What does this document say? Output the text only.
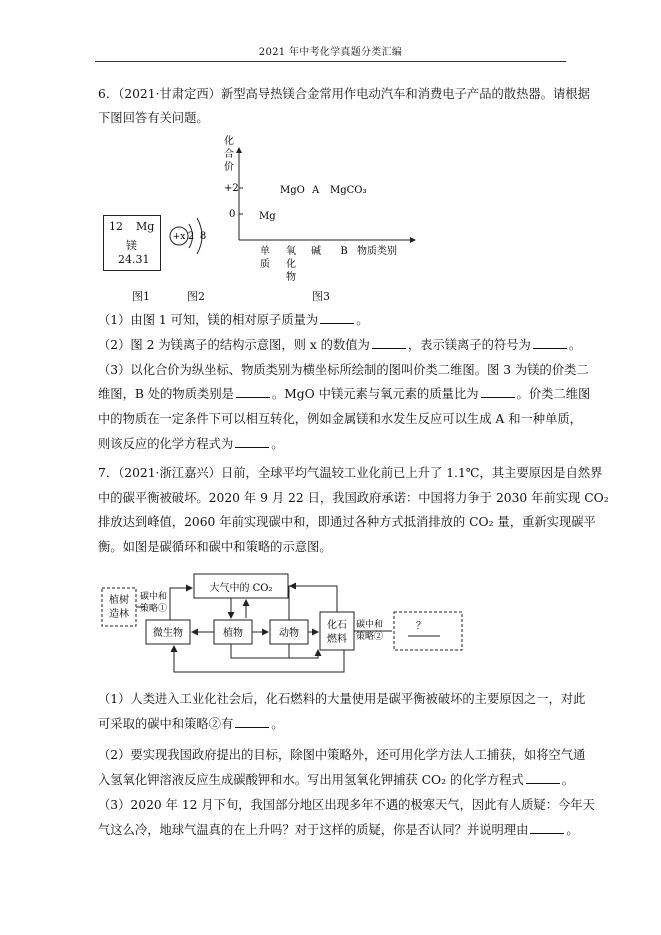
2021 年中考化学真题分类汇编
6．（2021·甘肃定西）新型高导热镁合金常用作电动汽车和消费电子产品的散热器。请根据
下图回答有关问题。
12 Mg
镁
24.31
图1
+x 2 8
图2
化
合
价
+2
0 Mg
MgO A MgCO₃
单
质
氧
化
物
碱 B 物质类别
图3
（1）由图 1 可知，镁的相对原子质量为	。
（2）图 2 为镁离子的结构示意图，则 x 的数值为	，表示镁离子的符号为	。
（3）以化合价为纵坐标、物质类别为横坐标所绘制的图叫价类二维图。图 3 为镁的价类二
维图，B 处的物质类别是	。MgO 中镁元素与氧元素的质量比为	。价类二维图
中的物质在一定条件下可以相互转化，例如金属镁和水发生反应可以生成 A 和一种单质，
则该反应的化学方程式为	。
7．（2021·浙江嘉兴）日前，全球平均气温较工业化前已上升了 1.1℃，其主要原因是自然界
中的碳平衡被破坏。2020 年 9 月 22 日，我国政府承诺：中国将力争于 2030 年前实现 CO₂
排放达到峰值，2060 年前实现碳中和，即通过各种方式抵消排放的 CO₂ 量，重新实现碳平
衡。如图是碳循环和碳中和策略的示意图。
大气中的 CO₂
植树
造林
碳中和
策略①
微生物	植物	动物
化石
燃料
碳中和
策略②
？
（1）人类进入工业化社会后，化石燃料的大量使用是碳平衡被破坏的主要原因之一，对此
可采取的碳中和策略②有	。
（2）要实现我国政府提出的目标，除图中策略外，还可用化学方法人工捕获，如将空气通
入氢氧化钾溶液反应生成碳酸钾和水。写出用氢氧化钾捕获 CO₂ 的化学方程式	。
（3）2020 年 12 月下旬，我国部分地区出现多年不遇的极寒天气，因此有人质疑：今年天
气这么冷，地球气温真的在上升吗？对于这样的质疑，你是否认同？并说明理由	。
